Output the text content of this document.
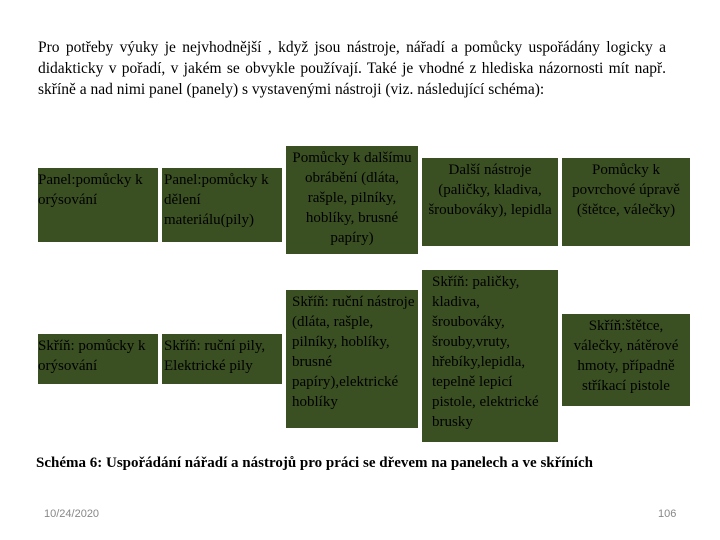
Pro potřeby výuky je nejvhodnější , když jsou nástroje, nářadí a pomůcky uspořádány logicky a didakticky v pořadí, v jakém se obvykle používají. Také je vhodné z hlediska názornosti mít např. skříně a nad nimi panel (panely) s vystavenými nástroji (viz. následující schéma):
Panel:pomůcky k orýsování
Panel:pomůcky k dělení materiálu(pily)
Pomůcky k dalšímu obrábění (dláta, rašple, pilníky, hoblíky, brusné papíry)
Další nástroje (paličky, kladiva, šroubováky), lepidla
Pomůcky k povrchové úpravě (štětce, válečky)
Skříň: pomůcky k orýsování
Skříň: ruční pily, Elektrické pily
Skříň: ruční nástroje (dláta, rašple, pilníky, hoblíky, brusné papíry),elektrické hoblíky
Skříň: paličky, kladiva, šroubováky, šrouby,vruty, hřebíky,lepidla, tepelně lepicí pistole, elektrické brusky
Skříň:štětce, válečky, nátěrové hmoty, případně stříkací pistole
Schéma 6: Uspořádání nářadí a nástrojů pro práci se dřevem na panelech a ve skříních
10/24/2020	106
